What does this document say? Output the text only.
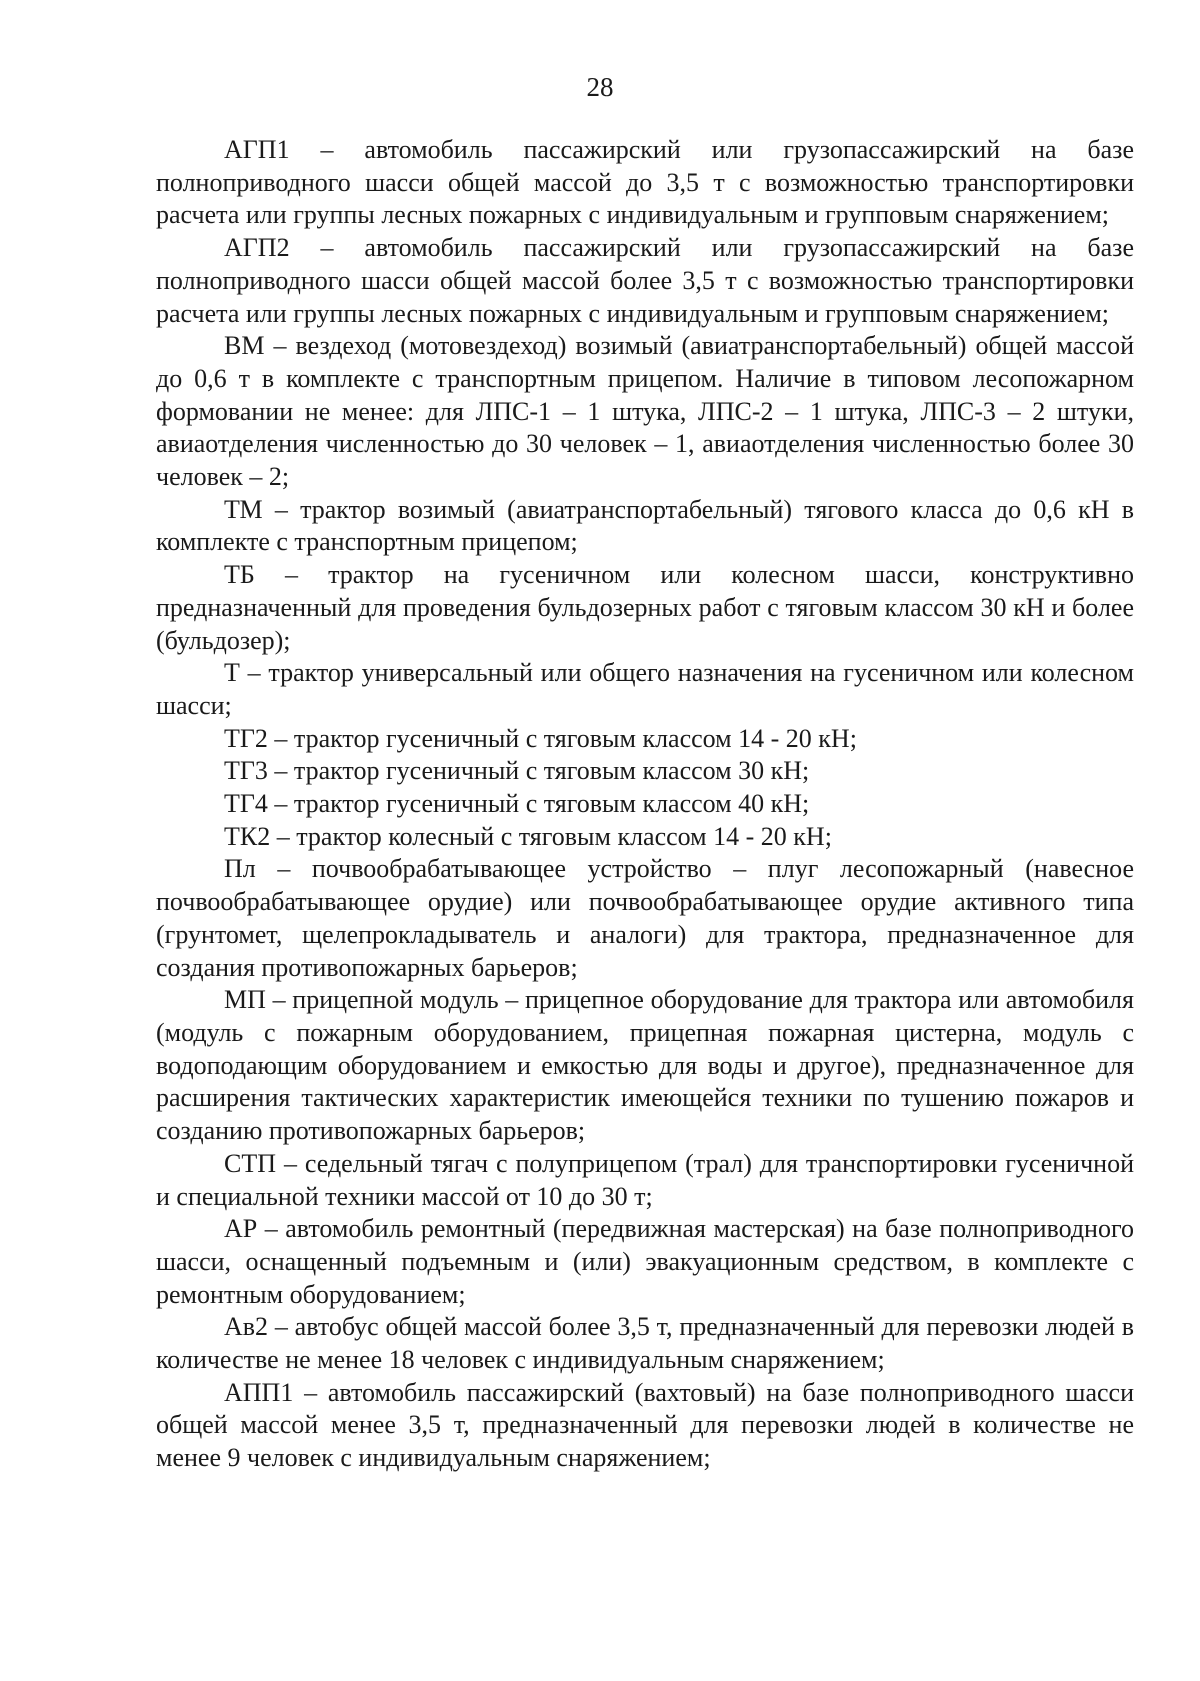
28

АГП1 – автомобиль пассажирский или грузопассажирский на базе полноприводного шасси общей массой до 3,5 т с возможностью транспортировки расчета или группы лесных пожарных с индивидуальным и групповым снаряжением;

АГП2 – автомобиль пассажирский или грузопассажирский на базе полноприводного шасси общей массой более 3,5 т с возможностью транспортировки расчета или группы лесных пожарных с индивидуальным и групповым снаряжением;

ВМ – вездеход (мотовездеход) возимый (авиатранспортабельный) общей массой до 0,6 т в комплекте с транспортным прицепом. Наличие в типовом лесопожарном формовании не менее: для ЛПС-1 – 1 штука, ЛПС-2 – 1 штука, ЛПС-3 – 2 штуки, авиаотделения численностью до 30 человек – 1, авиаотделения численностью более 30 человек – 2;

ТМ – трактор возимый (авиатранспортабельный) тягового класса до 0,6 кН в комплекте с транспортным прицепом;

ТБ – трактор на гусеничном или колесном шасси, конструктивно предназначенный для проведения бульдозерных работ с тяговым классом 30 кН и более (бульдозер);

Т – трактор универсальный или общего назначения на гусеничном или колесном шасси;

ТГ2 – трактор гусеничный с тяговым классом 14 - 20 кН;

ТГ3 – трактор гусеничный с тяговым классом 30 кН;

ТГ4 – трактор гусеничный с тяговым классом 40 кН;

ТК2 – трактор колесный с тяговым классом 14 - 20 кН;

Пл – почвообрабатывающее устройство – плуг лесопожарный (навесное почвообрабатывающее орудие) или почвообрабатывающее орудие активного типа (грунтомет, щелепрокладыватель и аналоги) для трактора, предназначенное для создания противопожарных барьеров;

МП – прицепной модуль – прицепное оборудование для трактора или автомобиля (модуль с пожарным оборудованием, прицепная пожарная цистерна, модуль с водоподающим оборудованием и емкостью для воды и другое), предназначенное для расширения тактических характеристик имеющейся техники по тушению пожаров и созданию противопожарных барьеров;

СТП – седельный тягач с полуприцепом (трал) для транспортировки гусеничной и специальной техники массой от 10 до 30 т;

АР – автомобиль ремонтный (передвижная мастерская) на базе полноприводного шасси, оснащенный подъемным и (или) эвакуационным средством, в комплекте с ремонтным оборудованием;

Ав2 – автобус общей массой более 3,5 т, предназначенный для перевозки людей в количестве не менее 18 человек с индивидуальным снаряжением;

АПП1 – автомобиль пассажирский (вахтовый) на базе полноприводного шасси общей массой менее 3,5 т, предназначенный для перевозки людей в количестве не менее 9 человек с индивидуальным снаряжением;
